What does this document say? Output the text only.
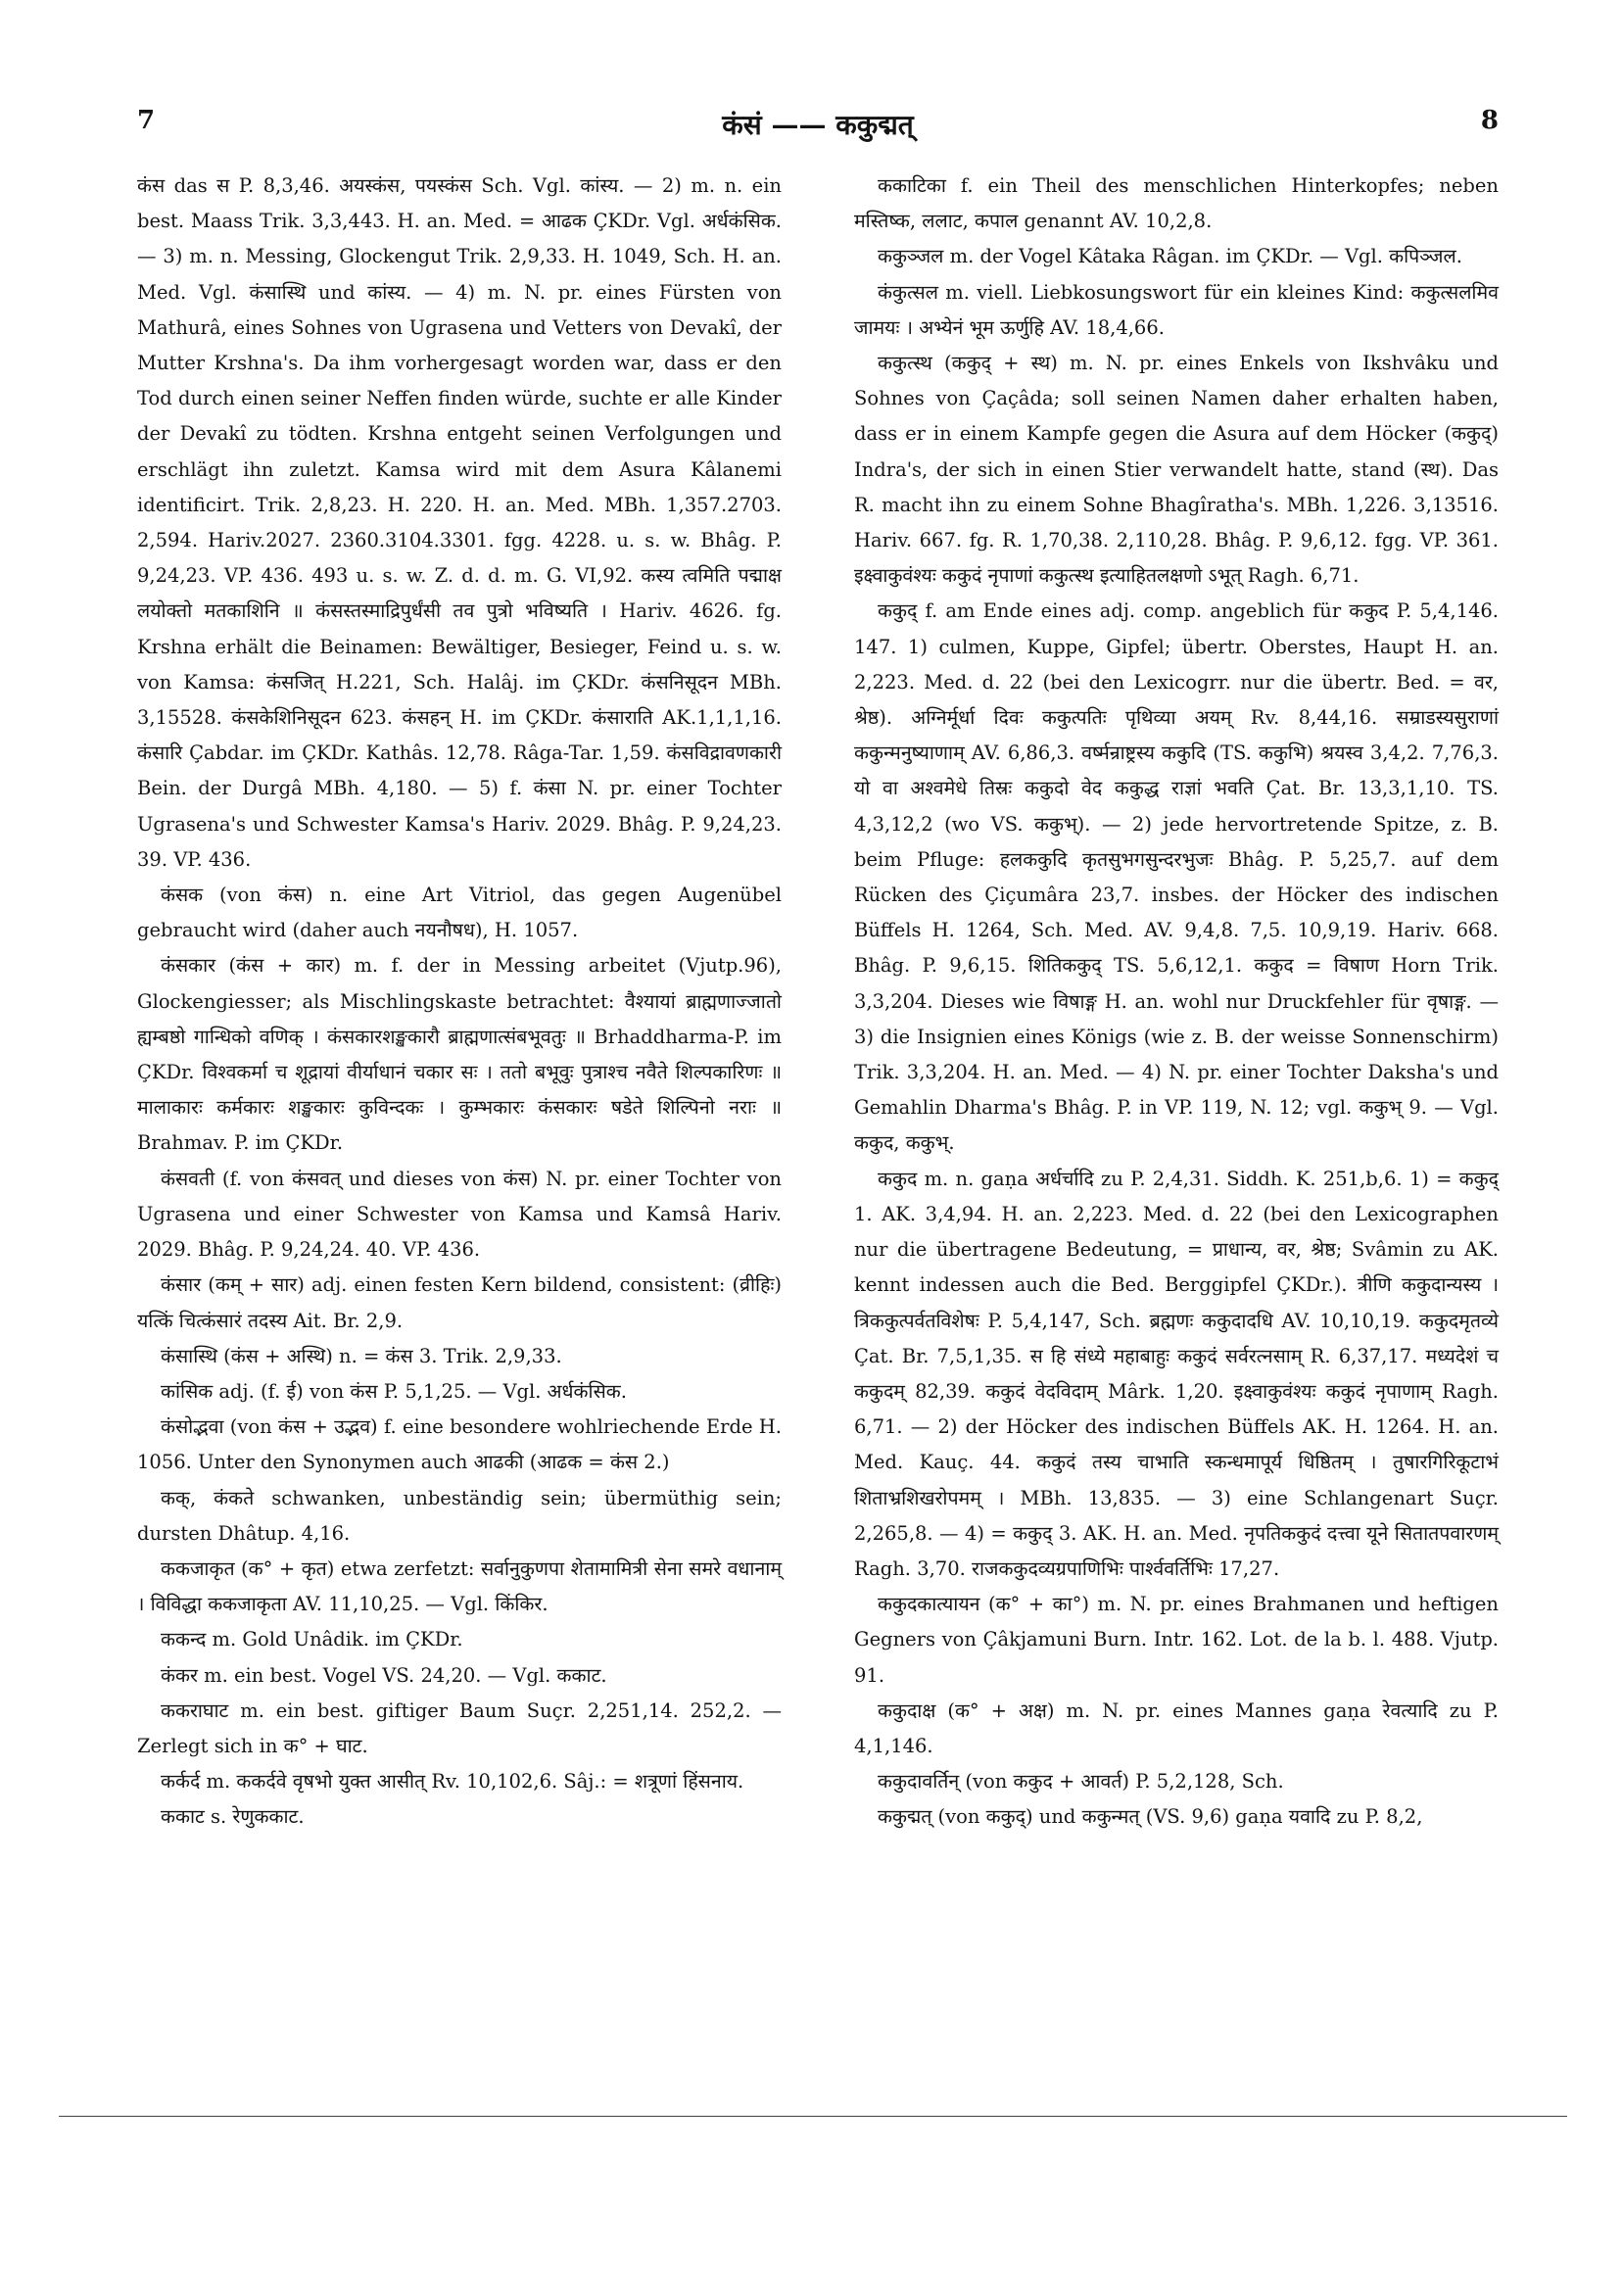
7	कंसं —— ककुद्मत्	8

कंस das स P. 8,3,46. अयस्कंस, पयस्कंस Sch. Vgl. कांस्य. — 2) m. n. ein best. Maass Trik. 3,3,443. H. an. Med. = आढक ÇKDr. Vgl. अर्धकंसिक. — 3) m. n. Messing, Glockengut Trik. 2,9,33. H. 1049, Sch. H. an. Med. Vgl. कंसास्थि und कांस्य. — 4) m. N. pr. eines Fürsten von Mathurâ, eines Sohnes von Ugrasena und Vetters von Devakî, der Mutter Krshna's. Da ihm vorhergesagt worden war, dass er den Tod durch einen seiner Neffen finden würde, suchte er alle Kinder der Devakî zu tödten. Krshna entgeht seinen Verfolgungen und erschlägt ihn zuletzt. Kamsa wird mit dem Asura Kâlanemi identificirt. Trik. 2,8,23. H. 220. H. an. Med. MBh. 1,357.2703. 2,594. Hariv.2027. 2360.3104.3301. fgg. 4228. u. s. w. Bhâg. P. 9,24,23. VP. 436. 493 u. s. w. Z. d. d. m. G. VI,92. कस्य त्वमिति पद्माक्ष लयोक्तो मतकाशिनि ॥ कंसस्तस्माद्रिपुर्धंसी तव पुत्रो भविष्यति । Hariv. 4626. fg. Krshna erhält die Beinamen: Bewältiger, Besieger, Feind u. s. w. von Kamsa: कंसजित् H.221, Sch. Halâj. im ÇKDr. कंसनिसूदन MBh. 3,15528. कंसकेशिनिसूदन 623. कंसहन् H. im ÇKDr. कंसाराति AK.1,1,1,16. कंसारि Çabdar. im ÇKDr. Kathâs. 12,78. Râga-Tar. 1,59. कंसविद्रावणकारी Bein. der Durgâ MBh. 4,180. — 5) f. कंसा N. pr. einer Tochter Ugrasena's und Schwester Kamsa's Hariv. 2029. Bhâg. P. 9,24,23. 39. VP. 436.

कंसक (von कंस) n. eine Art Vitriol, das gegen Augenübel gebraucht wird (daher auch नयनौषध), H. 1057.

कंसकार (कंस + कार) m. f. der in Messing arbeitet (Vjutp.96), Glockengiesser; als Mischlingskaste betrachtet: वैश्यायां ब्राह्मणाज्जातो ह्यम्बष्ठो गान्धिको वणिक् । कंसकारशङ्खकारौ ब्राह्मणात्संबभूवतुः ॥ Brhaddharma-P. im ÇKDr. विश्वकर्मा च शूद्रायां वीर्याधानं चकार सः । ततो बभूवुः पुत्राश्च नवैते शिल्पकारिणः ॥ मालाकारः कर्मकारः शङ्खकारः कुविन्दकः । कुम्भकारः कंसकारः षडेते शिल्पिनो नराः ॥ Brahmav. P. im ÇKDr.

कंसवती (f. von कंसवत् und dieses von कंस) N. pr. einer Tochter von Ugrasena und einer Schwester von Kamsa und Kamsâ Hariv. 2029. Bhâg. P. 9,24,24. 40. VP. 436.

कंसार (कम् + सार) adj. einen festen Kern bildend, consistent: (व्रीहिः) यत्किं चित्कंसारं तदस्य Ait. Br. 2,9.

कंसास्थि (कंस + अस्थि) n. = कंस 3. Trik. 2,9,33.

कांसिक adj. (f. ई) von कंस P. 5,1,25. — Vgl. अर्धकंसिक.

कंसोद्भवा (von कंस + उद्भव) f. eine besondere wohlriechende Erde H. 1056. Unter den Synonymen auch आढकी (आढक = कंस 2.)

कक्, कंकते schwanken, unbeständig sein; übermüthig sein; dursten Dhâtup. 4,16.

ककजाकृत (क° + कृत) etwa zerfetzt: सर्वानुकुणपा शेतामामित्री सेना समरे वधानाम् । विविद्धा ककजाकृता AV. 11,10,25. — Vgl. किंकिर.

ककन्द m. Gold Unâdik. im ÇKDr.

कंकर m. ein best. Vogel VS. 24,20. — Vgl. ककाट.

ककराघाट m. ein best. giftiger Baum Suçr. 2,251,14. 252,2. — Zerlegt sich in क° + घाट.

कर्कर्द m. ककर्दवे वृषभो युक्त आसीत् Rv. 10,102,6. Sâj.: = शत्रूणां हिंसनाय.

ककाट s. रेणुककाट.

ककाटिका f. ein Theil des menschlichen Hinterkopfes; neben मस्तिष्क, ललाट, कपाल genannt AV. 10,2,8.

ककुञ्जल m. der Vogel Kâtaka Râgan. im ÇKDr. — Vgl. कपिञ्जल.

कंकुत्सल m. viell. Liebkosungswort für ein kleines Kind: ककुत्सलमिव जामयः । अभ्येनं भूम ऊर्णुहि AV. 18,4,66.

ककुत्स्थ (ककुद् + स्थ) m. N. pr. eines Enkels von Ikshvâku und Sohnes von Çaçâda; soll seinen Namen daher erhalten haben, dass er in einem Kampfe gegen die Asura auf dem Höcker (ककुद्) Indra's, der sich in einen Stier verwandelt hatte, stand (स्थ). Das R. macht ihn zu einem Sohne Bhagîratha's. MBh. 1,226. 3,13516. Hariv. 667. fg. R. 1,70,38. 2,110,28. Bhâg. P. 9,6,12. fgg. VP. 361. इक्ष्वाकुवंश्यः ककुदं नृपाणां ककुत्स्थ इत्याहितलक्षणो ऽभूत् Ragh. 6,71.

ककुद् f. am Ende eines adj. comp. angeblich für ककुद P. 5,4,146. 147. 1) culmen, Kuppe, Gipfel; übertr. Oberstes, Haupt H. an. 2,223. Med. d. 22 (bei den Lexicogrr. nur die übertr. Bed. = वर, श्रेष्ठ). अग्निर्मूर्धा दिवः ककुत्पतिः पृथिव्या अयम् Rv. 8,44,16. सम्राडस्यसुराणां ककुन्मनुष्याणाम् AV. 6,86,3. वर्ष्मन्राष्ट्रस्य ककुदि (TS. ककुभि) श्रयस्व 3,4,2. 7,76,3. यो वा अश्वमेधे तिस्रः ककुदो वेद ककुद्ध राज्ञां भवति Çat. Br. 13,3,1,10. TS. 4,3,12,2 (wo VS. ककुभ्). — 2) jede hervortretende Spitze, z. B. beim Pfluge: हलककुदि कृतसुभगसुन्दरभुजः Bhâg. P. 5,25,7. auf dem Rücken des Çiçumâra 23,7. insbes. der Höcker des indischen Büffels H. 1264, Sch. Med. AV. 9,4,8. 7,5. 10,9,19. Hariv. 668. Bhâg. P. 9,6,15. शितिककुद् TS. 5,6,12,1. ककुद = विषाण Horn Trik. 3,3,204. Dieses wie विषाङ्ग H. an. wohl nur Druckfehler für वृषाङ्ग. — 3) die Insignien eines Königs (wie z. B. der weisse Sonnenschirm) Trik. 3,3,204. H. an. Med. — 4) N. pr. einer Tochter Daksha's und Gemahlin Dharma's Bhâg. P. in VP. 119, N. 12; vgl. ककुभ् 9. — Vgl. ककुद, ककुभ्.

ककुद m. n. gaṇa अर्धर्चादि zu P. 2,4,31. Siddh. K. 251,b,6. 1) = ककुद् 1. AK. 3,4,94. H. an. 2,223. Med. d. 22 (bei den Lexicographen nur die übertragene Bedeutung, = प्राधान्य, वर, श्रेष्ठ; Svâmin zu AK. kennt indessen auch die Bed. Berggipfel ÇKDr.). त्रीणि ककुदान्यस्य । त्रिककुत्पर्वतविशेषः P. 5,4,147, Sch. ब्रह्मणः ककुदादधि AV. 10,10,19. ककुदमृतव्ये Çat. Br. 7,5,1,35. स हि संध्ये महाबाहुः ककुदं सर्वरत्नसाम् R. 6,37,17. मध्यदेशं च ककुदम् 82,39. ककुदं वेदविदाम् Mârk. 1,20. इक्ष्वाकुवंश्यः ककुदं नृपाणाम् Ragh. 6,71. — 2) der Höcker des indischen Büffels AK. H. 1264. H. an. Med. Kauç. 44. ककुदं तस्य चाभाति स्कन्धमापूर्य धिष्ठितम् । तुषारगिरिकूटाभं शिताभ्रशिखरोपमम् । MBh. 13,835. — 3) eine Schlangenart Suçr. 2,265,8. — 4) = ककुद् 3. AK. H. an. Med. नृपतिककुदं दत्त्वा यूने सितातपवारणम् Ragh. 3,70. राजककुदव्यग्रपाणिभिः पार्श्ववर्तिभिः 17,27.

ककुदकात्यायन (क° + का°) m. N. pr. eines Brahmanen und heftigen Gegners von Çâkjamuni Burn. Intr. 162. Lot. de la b. l. 488. Vjutp. 91.

ककुदाक्ष (क° + अक्ष) m. N. pr. eines Mannes gaṇa रेवत्यादि zu P. 4,1,146.

ककुदावर्तिन् (von ककुद + आवर्त) P. 5,2,128, Sch.

ककुद्मत् (von ककुद्) und ककुन्मत् (VS. 9,6) gaṇa यवादि zu P. 8,2,
